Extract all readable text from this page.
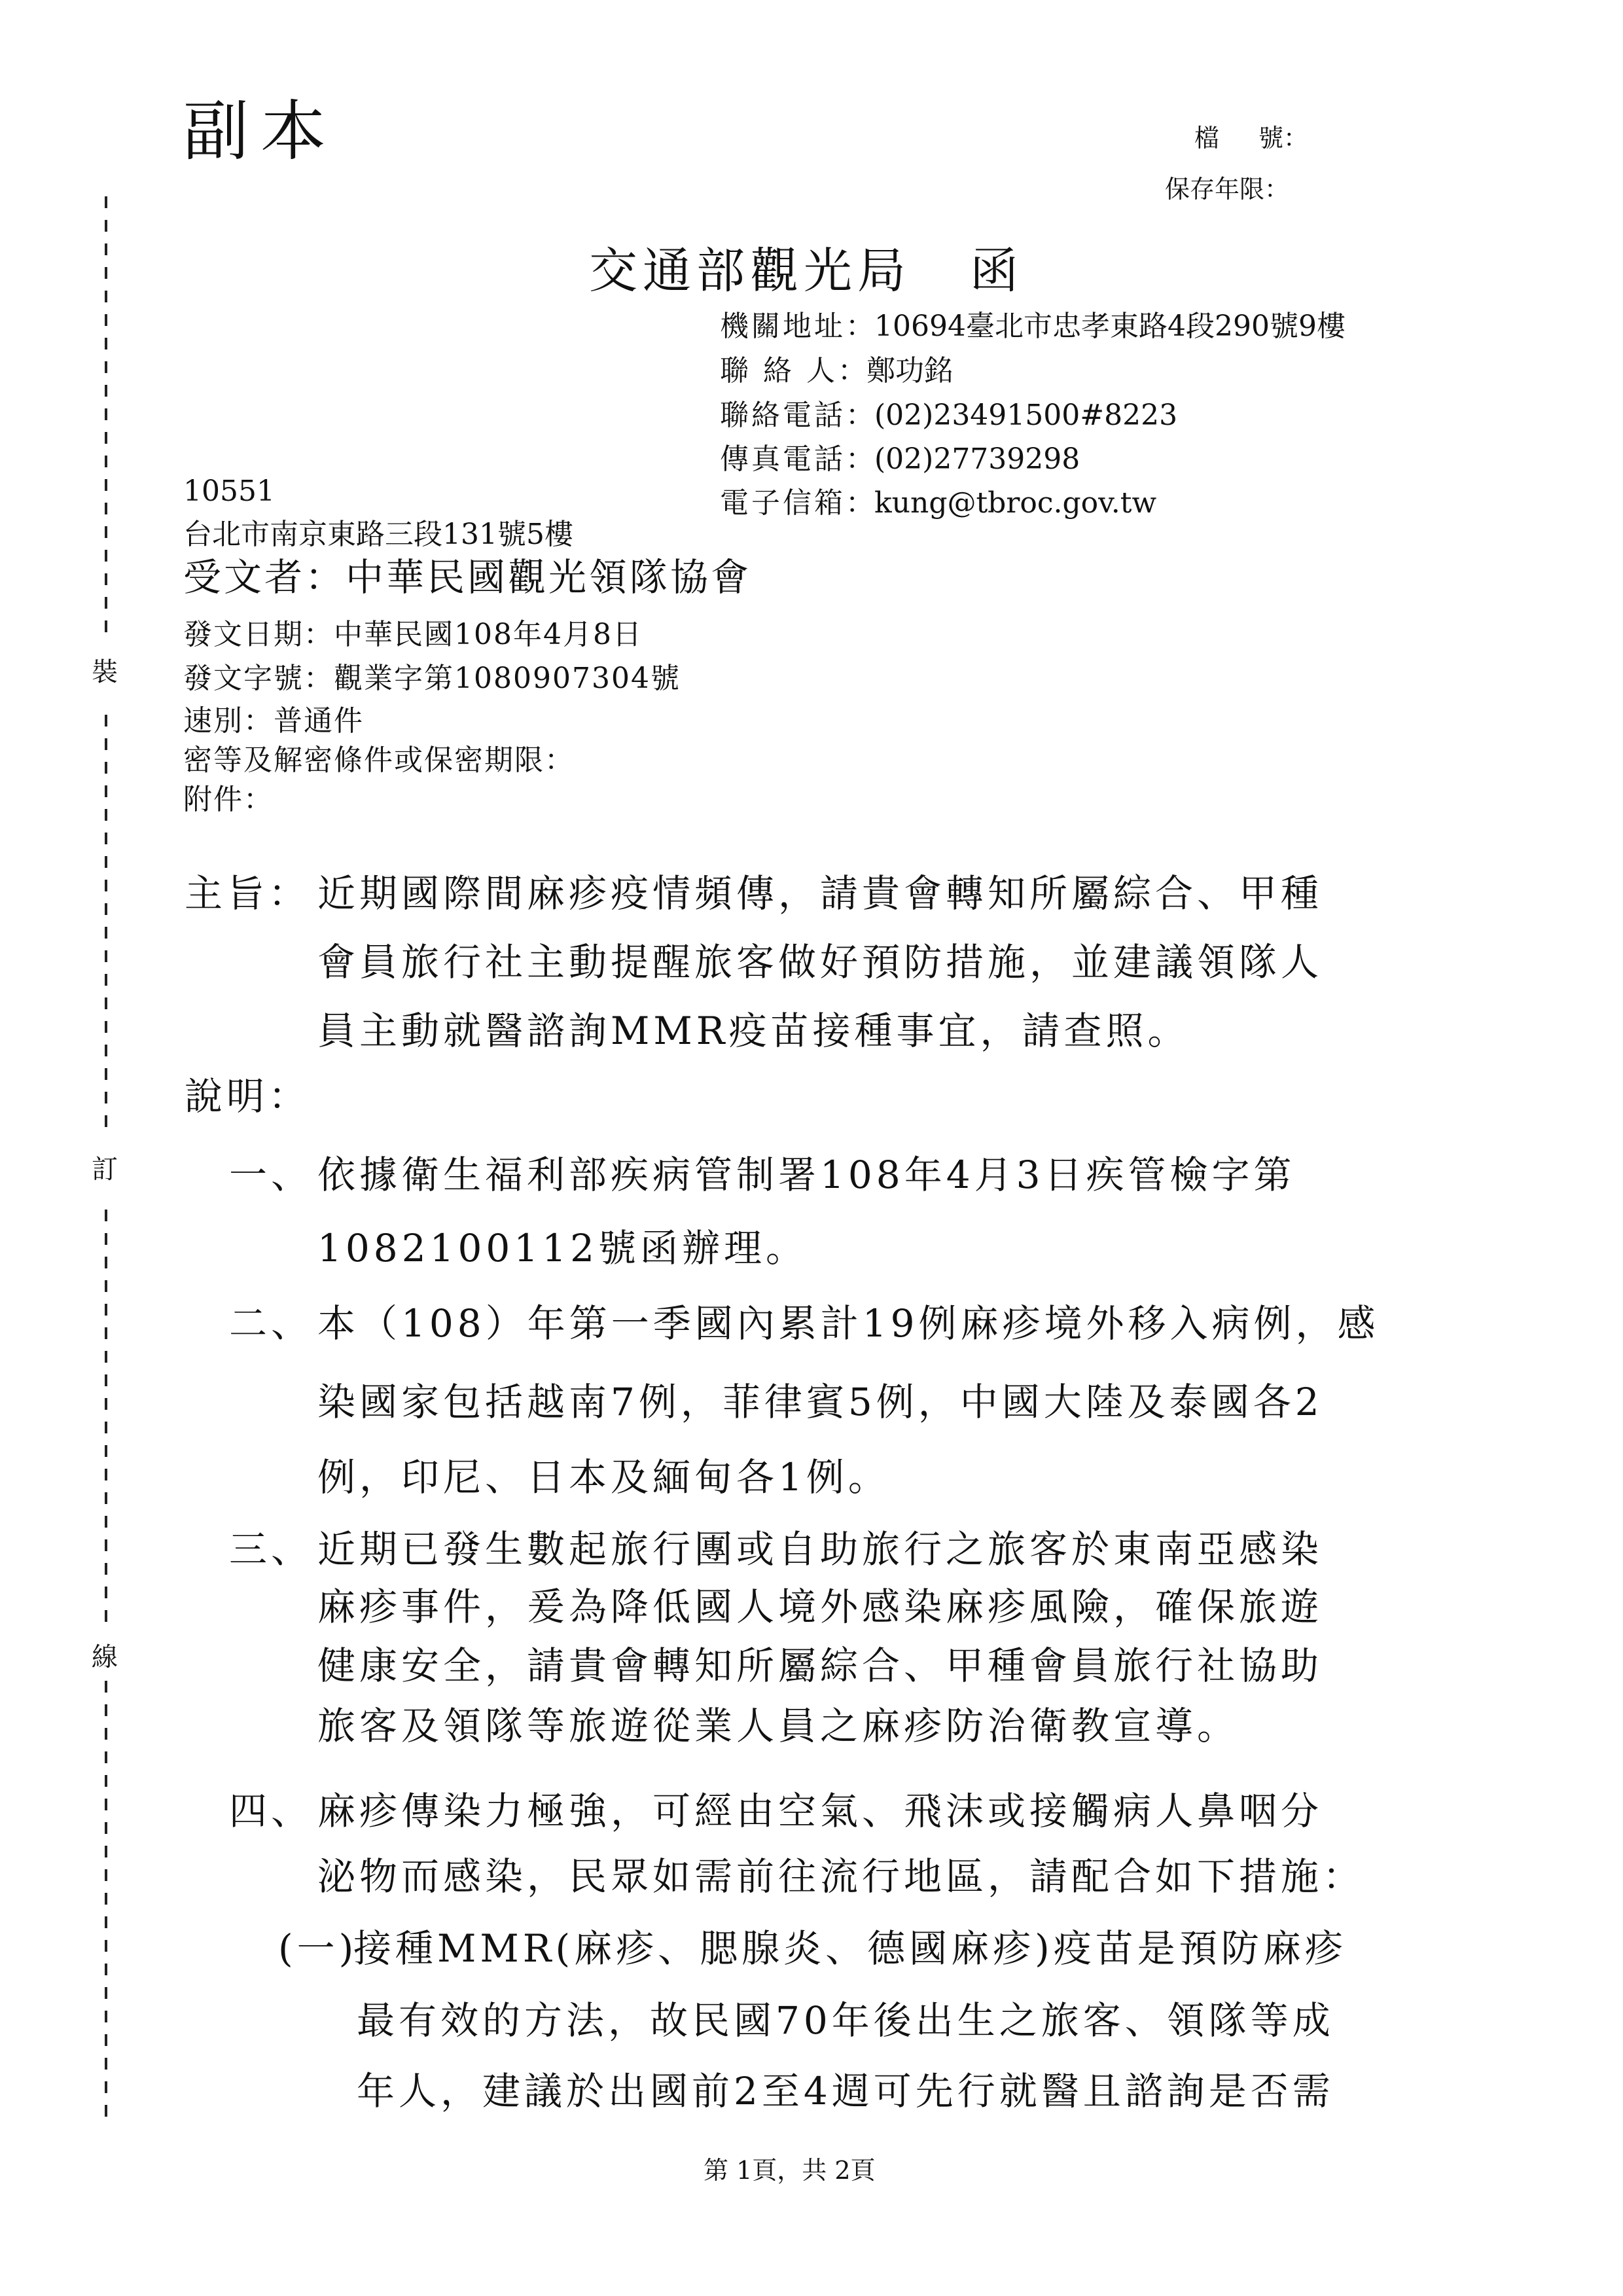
副本	檔 號：
保存年限：
交通部觀光局 函
機關地址：10694臺北市忠孝東路4段290號9樓
聯 絡 人：鄭功銘
聯絡電話：(02)23491500#8223
傳真電話：(02)27739298
電子信箱：kung@tbroc.gov.tw
10551
台北市南京東路三段131號5樓
受文者：中華民國觀光領隊協會
發文日期：中華民國108年4月8日
發文字號：觀業字第1080907304號
速別：普通件
密等及解密條件或保密期限：
附件：
主旨： 近期國際間麻疹疫情頻傳，請貴會轉知所屬綜合、甲種
會員旅行社主動提醒旅客做好預防措施，並建議領隊人
員主動就醫諮詢MMR疫苗接種事宜，請查照。
說明：
一、 依據衛生福利部疾病管制署108年4月3日疾管檢字第
1082100112號函辦理。
二、 本（108）年第一季國內累計19例麻疹境外移入病例，感
染國家包括越南7例，菲律賓5例，中國大陸及泰國各2
例，印尼、日本及緬甸各1例。
三、 近期已發生數起旅行團或自助旅行之旅客於東南亞感染
麻疹事件，爰為降低國人境外感染麻疹風險，確保旅遊
健康安全，請貴會轉知所屬綜合、甲種會員旅行社協助
旅客及領隊等旅遊從業人員之麻疹防治衛教宣導。
四、 麻疹傳染力極強，可經由空氣、飛沫或接觸病人鼻咽分
泌物而感染，民眾如需前往流行地區，請配合如下措施：
(一)
接種MMR(麻疹、腮腺炎、德國麻疹)疫苗是預防麻疹
最有效的方法，故民國70年後出生之旅客、領隊等成
年人，建議於出國前2至4週可先行就醫且諮詢是否需
裝
訂
線
第 1頁，共 2頁
